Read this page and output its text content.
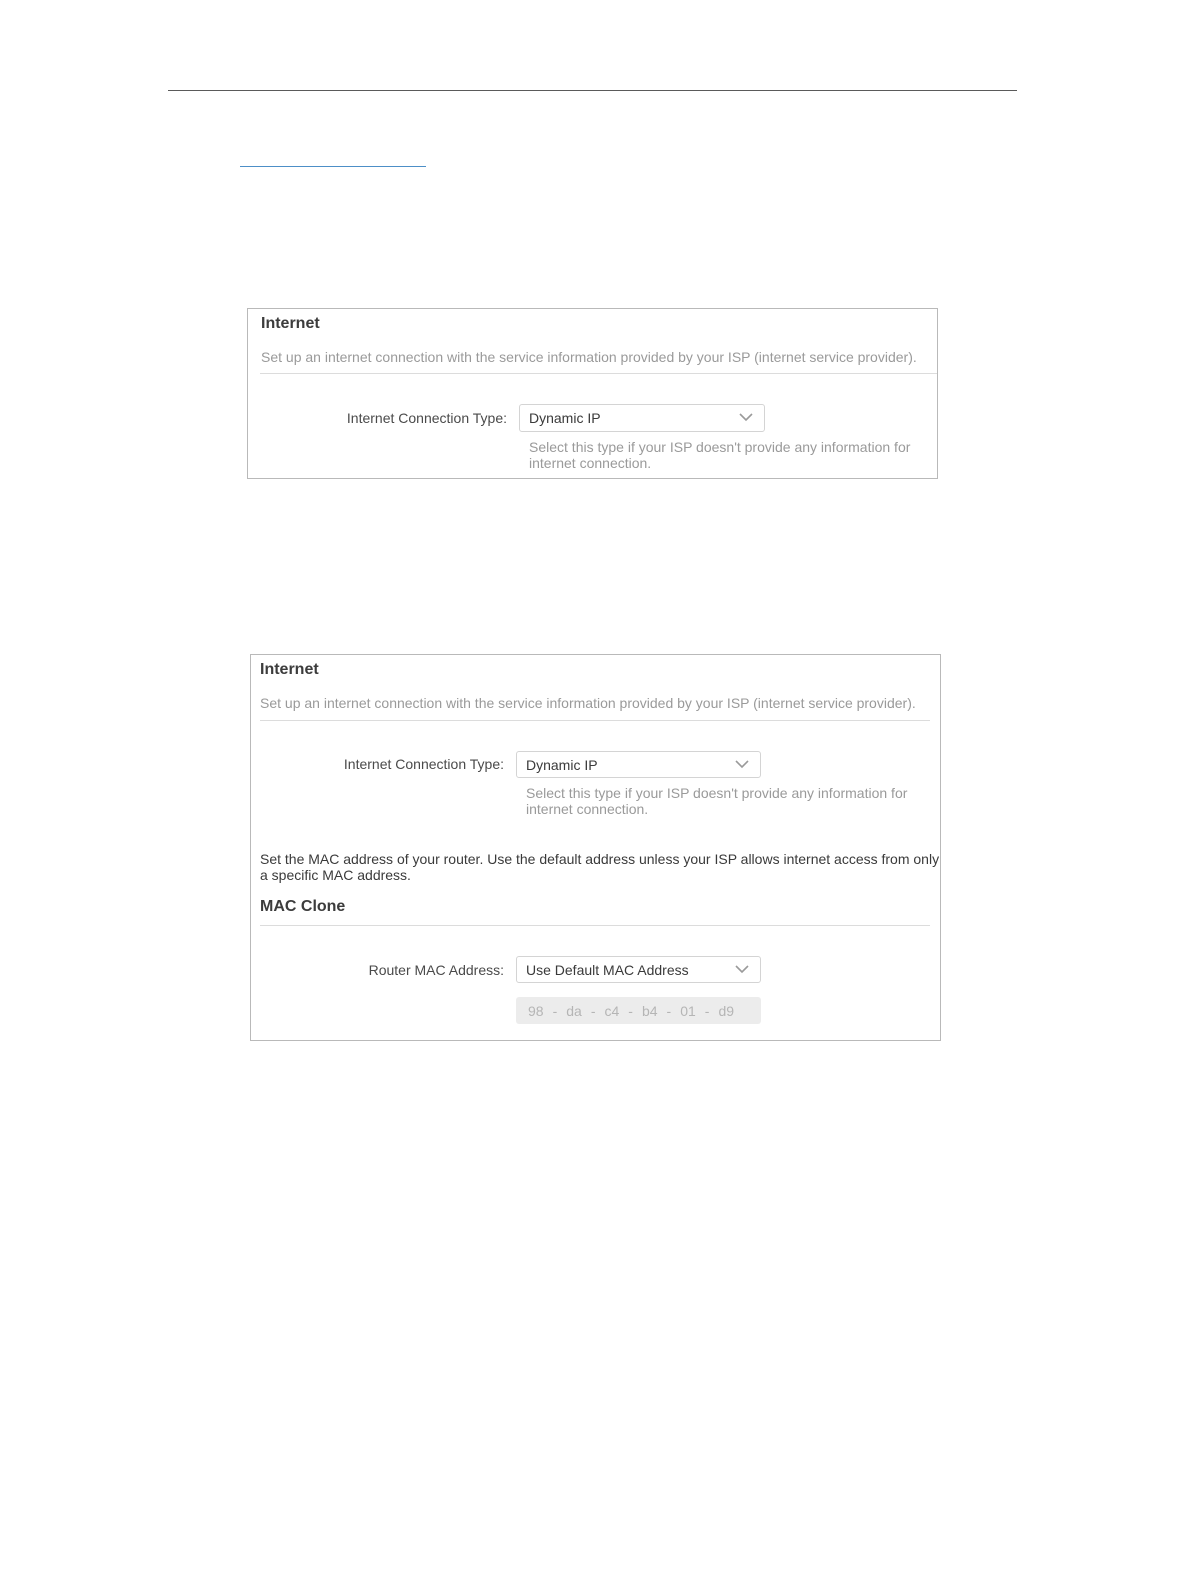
Internet
Set up an internet connection with the service information provided by your ISP (internet service provider).
Internet Connection Type: Dynamic IP
Select this type if your ISP doesn't provide any information for internet connection.
Internet
Set up an internet connection with the service information provided by your ISP (internet service provider).
Internet Connection Type: Dynamic IP
Select this type if your ISP doesn't provide any information for internet connection.
Set the MAC address of your router. Use the default address unless your ISP allows internet access from only a specific MAC address.
MAC Clone
Router MAC Address: Use Default MAC Address
98 - da - c4 - b4 - 01 - d9
